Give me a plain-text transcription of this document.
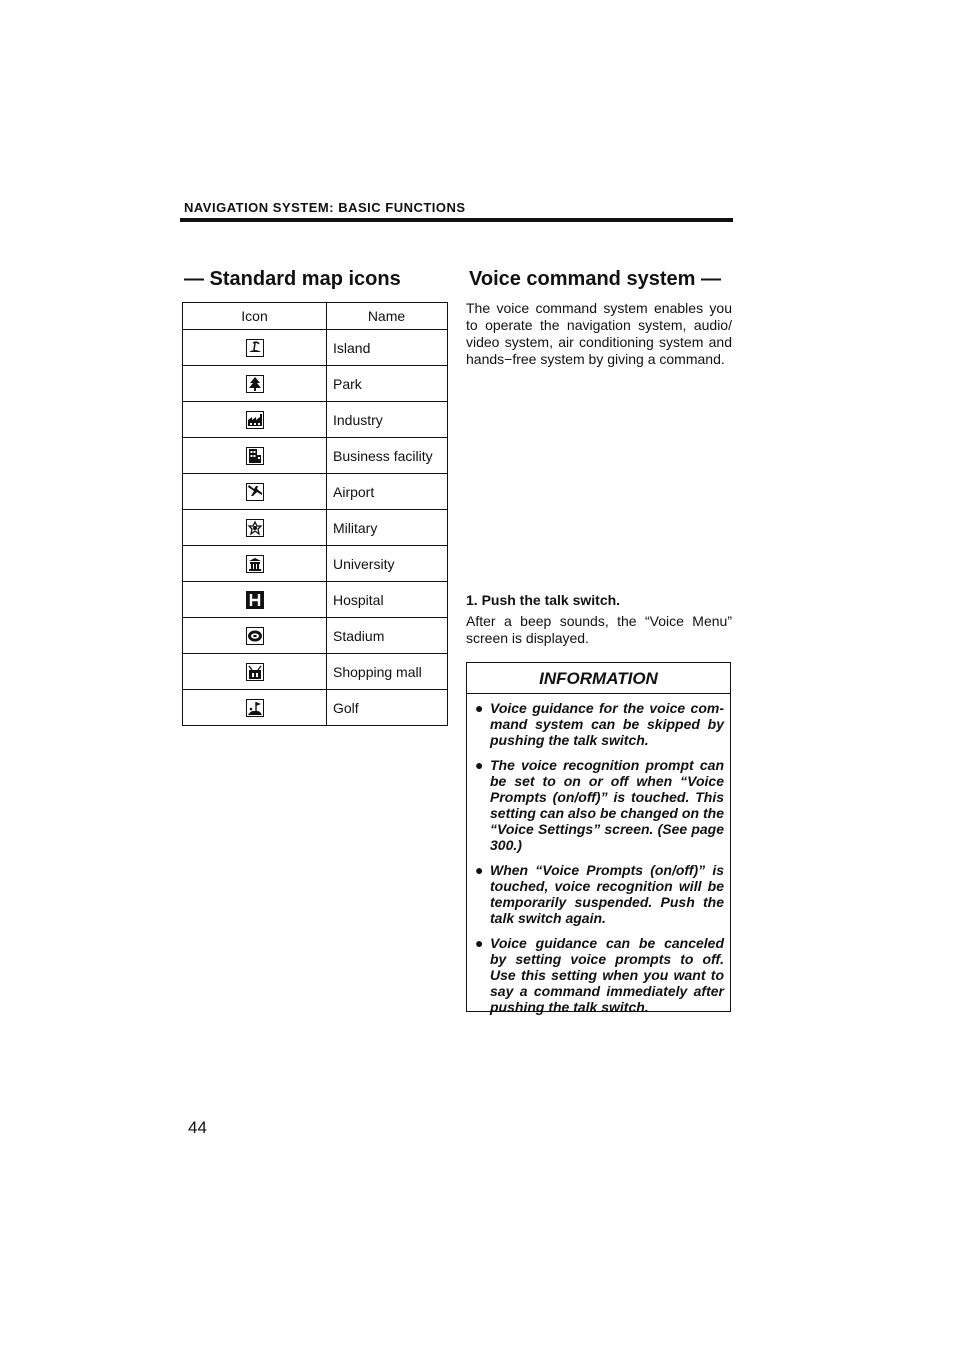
NAVIGATION SYSTEM: BASIC FUNCTIONS
— Standard map icons	Voice command system —
Icon	Name
	Island
	Park
	Industry
	Business facility
	Airport
	Military
	University
	Hospital
	Stadium
	Shopping mall
	Golf
The voice command system enables you to operate the navigation system, audio/ video system, air conditioning system and hands−free system by giving a command.
1. Push the talk switch.
After a beep sounds, the “Voice Menu” screen is displayed.
INFORMATION
● Voice guidance for the voice com- mand system can be skipped by pushing the talk switch.
● The voice recognition prompt can be set to on or off when “Voice Prompts (on/off)” is touched. This setting can also be changed on the “Voice Settings” screen. (See page 300.)
● When “Voice Prompts (on/off)” is touched, voice recognition will be temporarily suspended. Push the talk switch again.
● Voice guidance can be canceled by setting voice prompts to off. Use this setting when you want to say a command immediately after pushing the talk switch.
44
